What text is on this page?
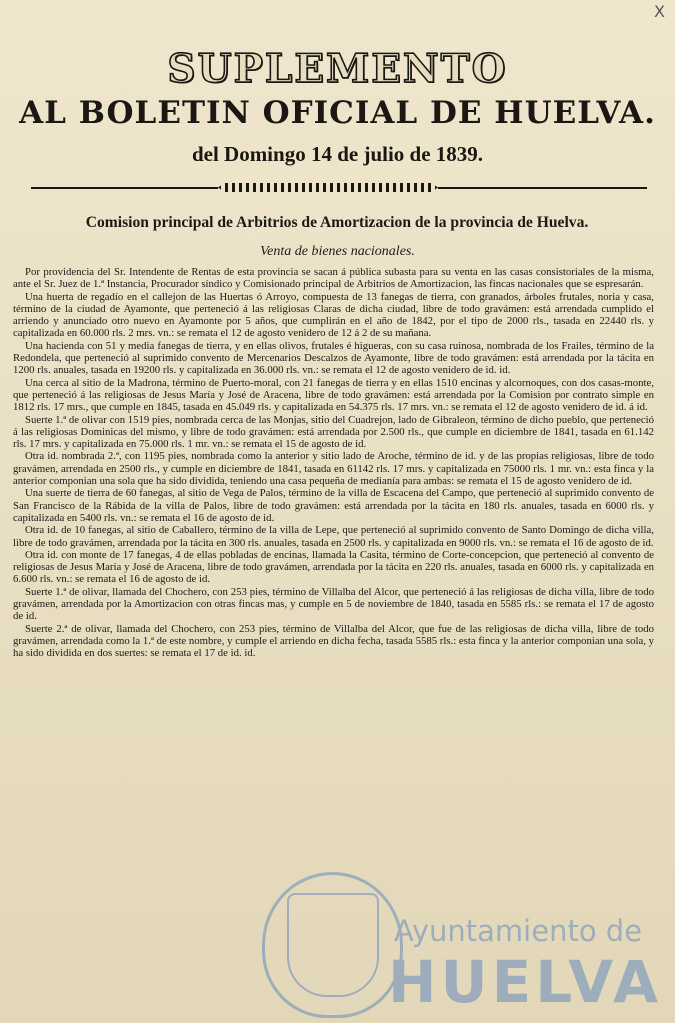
X
SUPLEMENTO
AL BOLETIN OFICIAL DE HUELVA.
del Domingo 14 de julio de 1839.
Comision principal de Arbitrios de Amortizacion de la provincia de Huelva.
Venta de bienes nacionales.

Por providencia del Sr. Intendente de Rentas de esta provincia se sacan á pública subasta para su venta en las casas consistoriales de la misma, ante el Sr. Juez de 1.ª Instancia, Procurador síndico y Comisionado principal de Arbitrios de Amortizacion, las fincas nacionales que se espresarán.

Una huerta de regadío en el callejon de las Huertas ó Arroyo, compuesta de 13 fanegas de tierra, con granados, árboles frutales, noria y casa, término de la ciudad de Ayamonte, que perteneció á las religiosas Claras de dicha ciudad, libre de todo gravámen: está arrendada cumplido el arriendo y anunciado otro nuevo en Ayamonte por 5 años, que cumplirán en el año de 1842, por el tipo de 2000 rls., tasada en 22440 rls. y capitalizada en 60.000 rls. 2 mrs. vn.: se remata el 12 de agosto venidero de 12 á 2 de su mañana.

Una hacienda con 51 y media fanegas de tierra, y en ellas olivos, frutales é higueras, con su casa ruinosa, nombrada de los Frailes, término de la Redondela, que perteneció al suprimido convento de Mercenarios Descalzos de Ayamonte, libre de todo gravámen: está arrendada por la tácita en 1200 rls. anuales, tasada en 19200 rls. y capitalizada en 36.000 rls. vn.: se remata el 12 de agosto venidero de id. id.

Una cerca al sitio de la Madrona, término de Puerto-moral, con 21 fanegas de tierra y en ellas 1510 encinas y alcornoques, con dos casas-monte, que perteneció á las religiosas de Jesus María y José de Aracena, libre de todo gravámen: está arrendada por la Comision por contrato simple en 1812 rls. 17 mrs., que cumple en 1845, tasada en 45.049 rls. y capitalizada en 54.375 rls. 17 mrs. vn.: se remata el 12 de agosto venidero de id. á id.

Suerte 1.ª de olivar con 1519 pies, nombrada cerca de las Monjas, sitio del Cuadrejon, lado de Gibraleon, término de dicho pueblo, que perteneció á las religiosas Dominicas del mismo, y libre de todo gravámen: está arrendada por 2.500 rls., que cumple en diciembre de 1841, tasada en 61.142 rls. 17 mrs. y capitalizada en 75.000 rls. 1 mr. vn.: se remata el 15 de agosto de id.

Otra id. nombrada 2.ª, con 1195 pies, nombrada como la anterior y sitio lado de Aroche, término de id. y de las propias religiosas, libre de todo gravámen, arrendada en 2500 rls., y cumple en diciembre de 1841, tasada en 61142 rls. 17 mrs. y capitalizada en 75000 rls. 1 mr. vn.: esta finca y la anterior componian una sola que ha sido dividida, teniendo una casa pequeña de medianía para ambas: se remata el 15 de agosto venidero de id.

Una suerte de tierra de 60 fanegas, al sitio de Vega de Palos, término de la villa de Escacena del Campo, que perteneció al suprimido convento de San Francisco de la Rábida de la villa de Palos, libre de todo gravámen: está arrendada por la tácita en 180 rls. anuales, tasada en 6000 rls. y capitalizada en 5400 rls. vn.: se remata el 16 de agosto de id.

Otra id. de 10 fanegas, al sitio de Caballero, término de la villa de Lepe, que perteneció al suprimido convento de Santo Domingo de dicha villa, libre de todo gravámen, arrendada por la tácita en 300 rls. anuales, tasada en 2500 rls. y capitalizada en 9000 rls. vn.: se remata el 16 de agosto de id.

Otra id. con monte de 17 fanegas, 4 de ellas pobladas de encinas, llamada la Casita, término de Corte-concepcion, que perteneció al convento de religiosas de Jesus María y José de Aracena, libre de todo gravámen, arrendada por la tácita en 220 rls. anuales, tasada en 6000 rls. y capitalizada en 6.600 rls. vn.: se remata el 16 de agosto de id.

Suerte 1.ª de olivar, llamada del Chochero, con 253 pies, término de Villalba del Alcor, que perteneció á las religiosas de dicha villa, libre de todo gravámen, arrendada por la Amortizacion con otras fincas mas, y cumple en 5 de noviembre de 1840, tasada en 5585 rls.: se remata el 17 de agosto de id.

Suerte 2.ª de olivar, llamada del Chochero, con 253 pies, término de Villalba del Alcor, que fue de las religiosas de dicha villa, libre de todo gravámen, arrendada como la 1.ª de este nombre, y cumple el arriendo en dicha fecha, tasada 5585 rls.: esta finca y la anterior componian una sola, y ha sido dividida en dos suertes: se remata el 17 de id. id.

Ayuntamiento de
HUELVA
